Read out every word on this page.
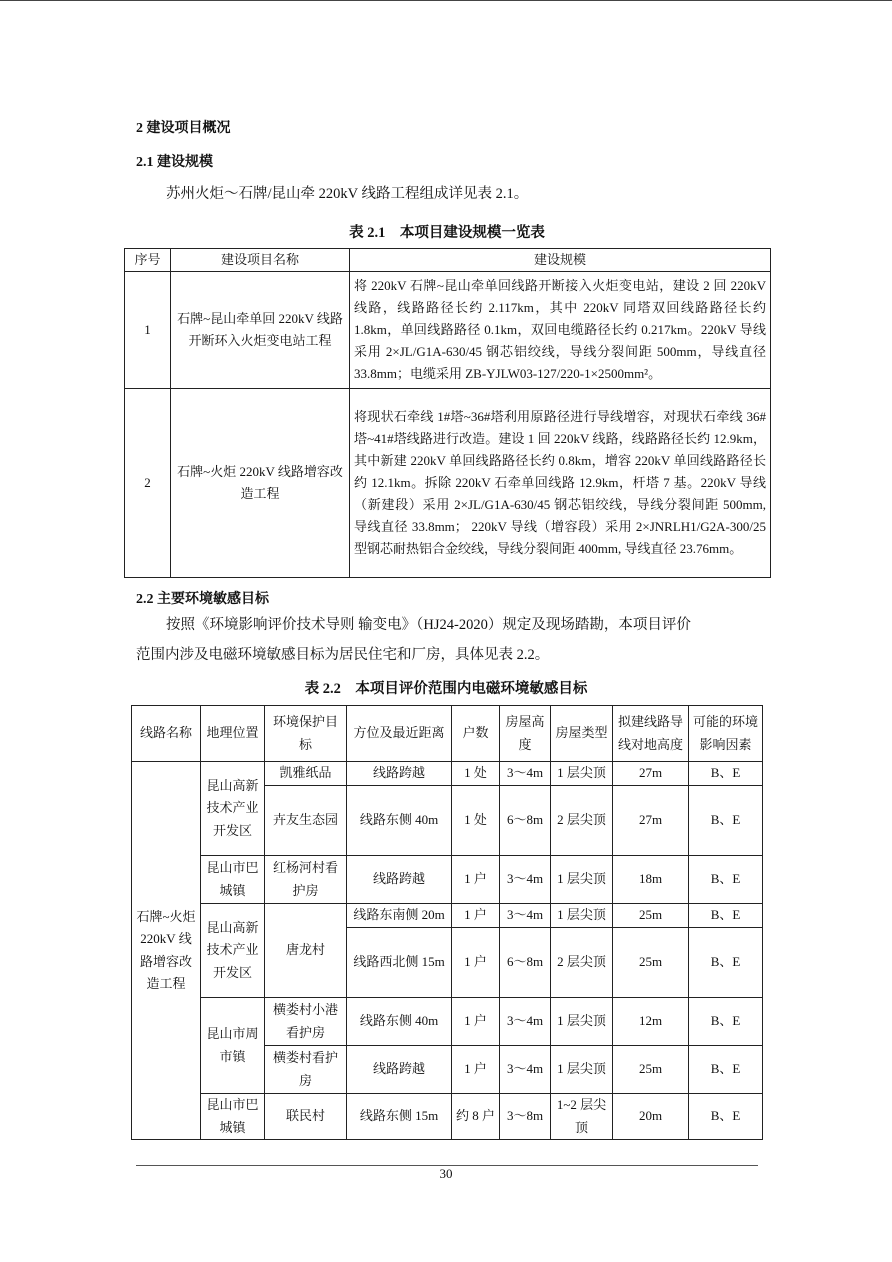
2 建设项目概况
2.1 建设规模
苏州火炬～石牌/昆山牵 220kV 线路工程组成详见表 2.1。
表 2.1　本项目建设规模一览表
序号	建设项目名称	建设规模
1	石牌~昆山牵单回 220kV 线路开断环入火炬变电站工程	将 220kV 石牌~昆山牵单回线路开断接入火炬变电站，建设 2 回 220kV 线路，线路路径长约 2.117km，其中 220kV 同塔双回线路路径长约 1.8km，单回线路路径 0.1km，双回电缆路径长约 0.217km。220kV 导线采用 2×JL/G1A-630/45 钢芯铝绞线，导线分裂间距 500mm，导线直径 33.8mm；电缆采用 ZB-YJLW03-127/220-1×2500mm²。
2	石牌~火炬 220kV 线路增容改造工程	将现状石牵线 1#塔~36#塔利用原路径进行导线增容，对现状石牵线 36#塔~41#塔线路进行改造。建设 1 回 220kV 线路，线路路径长约 12.9km，其中新建 220kV 单回线路路径长约 0.8km，增容 220kV 单回线路路径长约 12.1km。拆除 220kV 石牵单回线路 12.9km，杆塔 7 基。220kV 导线（新建段）采用 2×JL/G1A-630/45 钢芯铝绞线，导线分裂间距 500mm, 导线直径 33.8mm； 220kV 导线（增容段）采用 2×JNRLH1/G2A-300/25 型钢芯耐热铝合金绞线，导线分裂间距 400mm, 导线直径 23.76mm。
2.2 主要环境敏感目标
按照《环境影响评价技术导则 输变电》（HJ24-2020）规定及现场踏勘，本项目评价
范围内涉及电磁环境敏感目标为居民住宅和厂房，具体见表 2.2。
表 2.2　本项目评价范围内电磁环境敏感目标
线路名称	地理位置	环境保护目标	方位及最近距离	户数	房屋高度	房屋类型	拟建线路导线对地高度	可能的环境影响因素
石牌~火炬 220kV 线路增容改造工程	昆山高新技术产业开发区	凯雅纸品	线路跨越	1 处	3～4m	1 层尖顶	27m	B、E
		卉友生态园	线路东侧 40m	1 处	6～8m	2 层尖顶	27m	B、E
	昆山市巴城镇	红杨河村看护房	线路跨越	1 户	3～4m	1 层尖顶	18m	B、E
	昆山高新技术产业开发区	唐龙村	线路东南侧 20m	1 户	3～4m	1 层尖顶	25m	B、E
			线路西北侧 15m	1 户	6～8m	2 层尖顶	25m	B、E
	昆山市周市镇	横娄村小港看护房	线路东侧 40m	1 户	3～4m	1 层尖顶	12m	B、E
		横娄村看护房	线路跨越	1 户	3～4m	1 层尖顶	25m	B、E
	昆山市巴城镇	联民村	线路东侧 15m	约 8 户	3～8m	1~2 层尖顶	20m	B、E
30
